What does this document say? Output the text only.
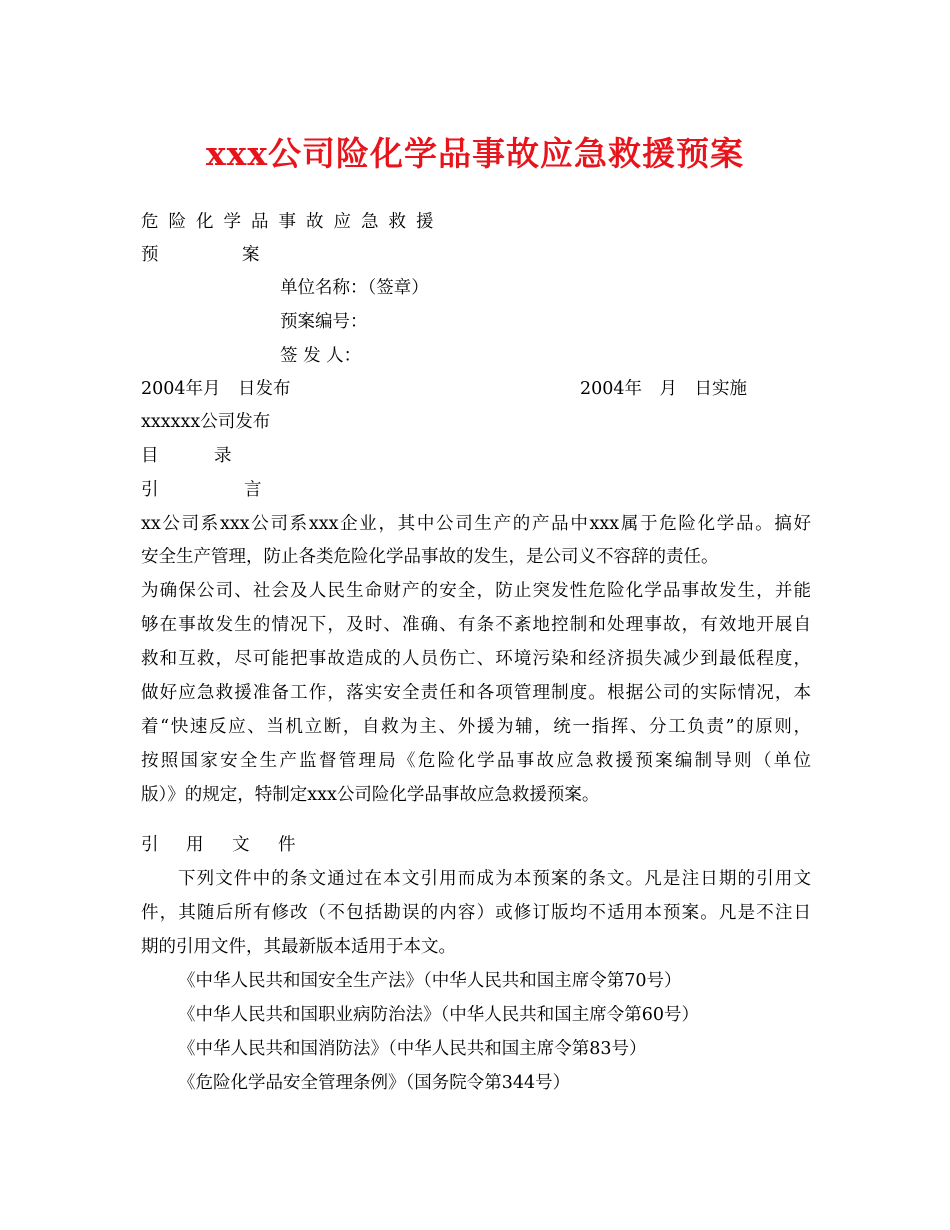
xxx公司险化学品事故应急救援预案
危险化学品事故应急救援
预	案
单位名称：（签章）
预案编号：
签 发 人：
2004年月　日发布	2004年　月　日实施
xxxxxx公司发布
目	录
引	言
xx公司系xxx公司系xxx企业，其中公司生产的产品中xxx属于危险化学品。搞好
安全生产管理，防止各类危险化学品事故的发生，是公司义不容辞的责任。
为确保公司、社会及人民生命财产的安全，防止突发性危险化学品事故发生，并能
够在事故发生的情况下，及时、准确、有条不紊地控制和处理事故，有效地开展自
救和互救，尽可能把事故造成的人员伤亡、环境污染和经济损失减少到最低程度，
做好应急救援准备工作，落实安全责任和各项管理制度。根据公司的实际情况，本
着“快速反应、当机立断，自救为主、外援为辅，统一指挥、分工负责”的原则，
按照国家安全生产监督管理局《危险化学品事故应急救援预案编制导则（单位
版）》的规定，特制定xxx公司险化学品事故应急救援预案。
引 用 文 件
下列文件中的条文通过在本文引用而成为本预案的条文。凡是注日期的引用文
件，其随后所有修改（不包括勘误的内容）或修订版均不适用本预案。凡是不注日
期的引用文件，其最新版本适用于本文。
《中华人民共和国安全生产法》（中华人民共和国主席令第70号）
《中华人民共和国职业病防治法》（中华人民共和国主席令第60号）
《中华人民共和国消防法》（中华人民共和国主席令第83号）
《危险化学品安全管理条例》（国务院令第344号）
